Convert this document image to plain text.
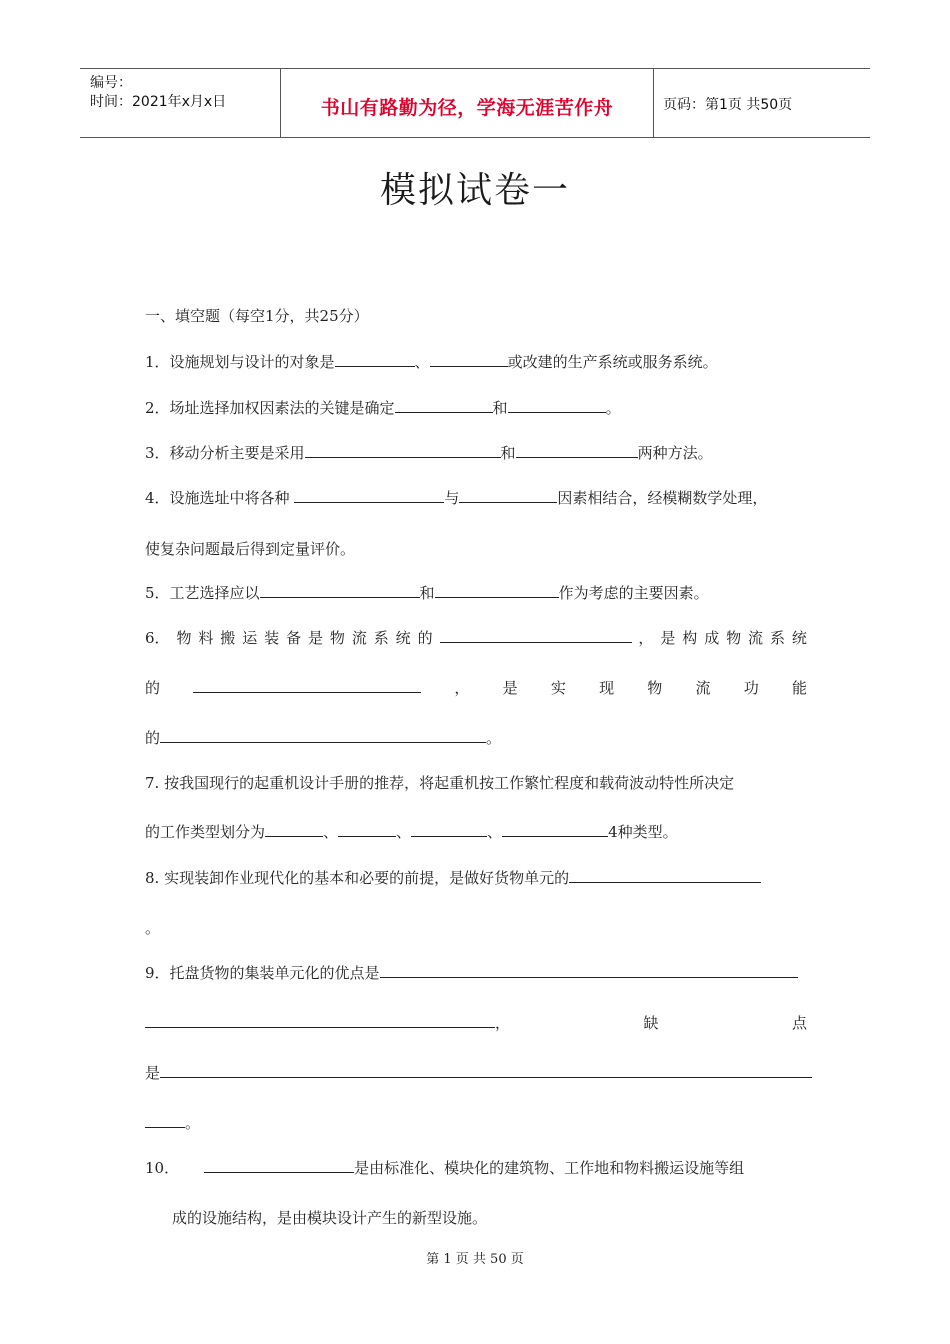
编号：
时间：2021年x月x日	书山有路勤为径，学海无涯苦作舟	页码：第1页 共50页
模拟试卷一
一、填空题（每空1分，共25分）
1．设施规划与设计的对象是	、	或改建的生产系统或服务系统。
2．场址选择加权因素法的关键是确定	和	。
3．移动分析主要是采用	和	两种方法。
4．设施选址中将各种	与	因素相结合，经模糊数学处理，
使复杂问题最后得到定量评价。
5．工艺选择应以	和	作为考虑的主要因素。
6． 物 料 搬 运 装 备 是 物 流 系 统 的	， 是 构 成 物 流 系 统
的	， 是 实 现 物 流 功 能
的	。
7. 按我国现行的起重机设计手册的推荐，将起重机按工作繁忙程度和载荷波动特性所决定
的工作类型划分为	、	、	、	4种类型。
8. 实现装卸作业现代化的基本和必要的前提，是做好货物单元的
。
9．托盘货物的集装单元化的优点是
，	缺	点
是
。
10．	是由标准化、模块化的建筑物、工作地和物料搬运设施等组
成的设施结构，是由模块设计产生的新型设施。
第 1 页 共 50 页
